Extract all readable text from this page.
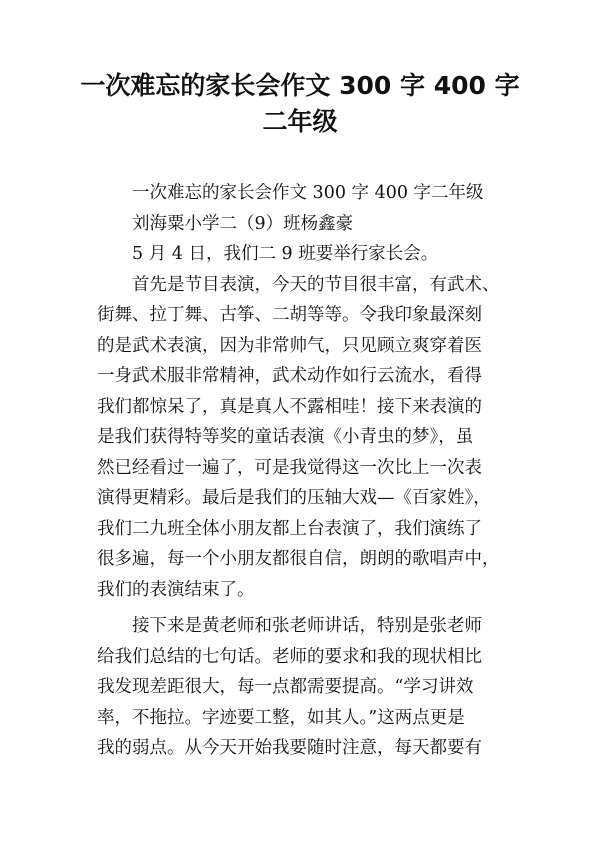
一次难忘的家长会作文 300 字 400 字
二年级
一次难忘的家长会作文 300 字 400 字二年级
刘海粟小学二（9）班杨鑫豪
5 月 4 日，我们二 9 班要举行家长会。
首先是节目表演，今天的节目很丰富，有武术、
街舞、拉丁舞、古筝、二胡等等。令我印象最深刻
的是武术表演，因为非常帅气，只见顾立爽穿着医
一身武术服非常精神，武术动作如行云流水，看得
我们都惊呆了，真是真人不露相哇！接下来表演的
是我们获得特等奖的童话表演《小青虫的梦》，虽
然已经看过一遍了，可是我觉得这一次比上一次表
演得更精彩。最后是我们的压轴大戏—《百家姓》，
我们二九班全体小朋友都上台表演了，我们演练了
很多遍，每一个小朋友都很自信，朗朗的歌唱声中，
我们的表演结束了。
接下来是黄老师和张老师讲话，特别是张老师
给我们总结的七句话。老师的要求和我的现状相比
我发现差距很大，每一点都需要提高。“学习讲效
率，不拖拉。字迹要工整，如其人。”这两点更是
我的弱点。从今天开始我要随时注意，每天都要有
